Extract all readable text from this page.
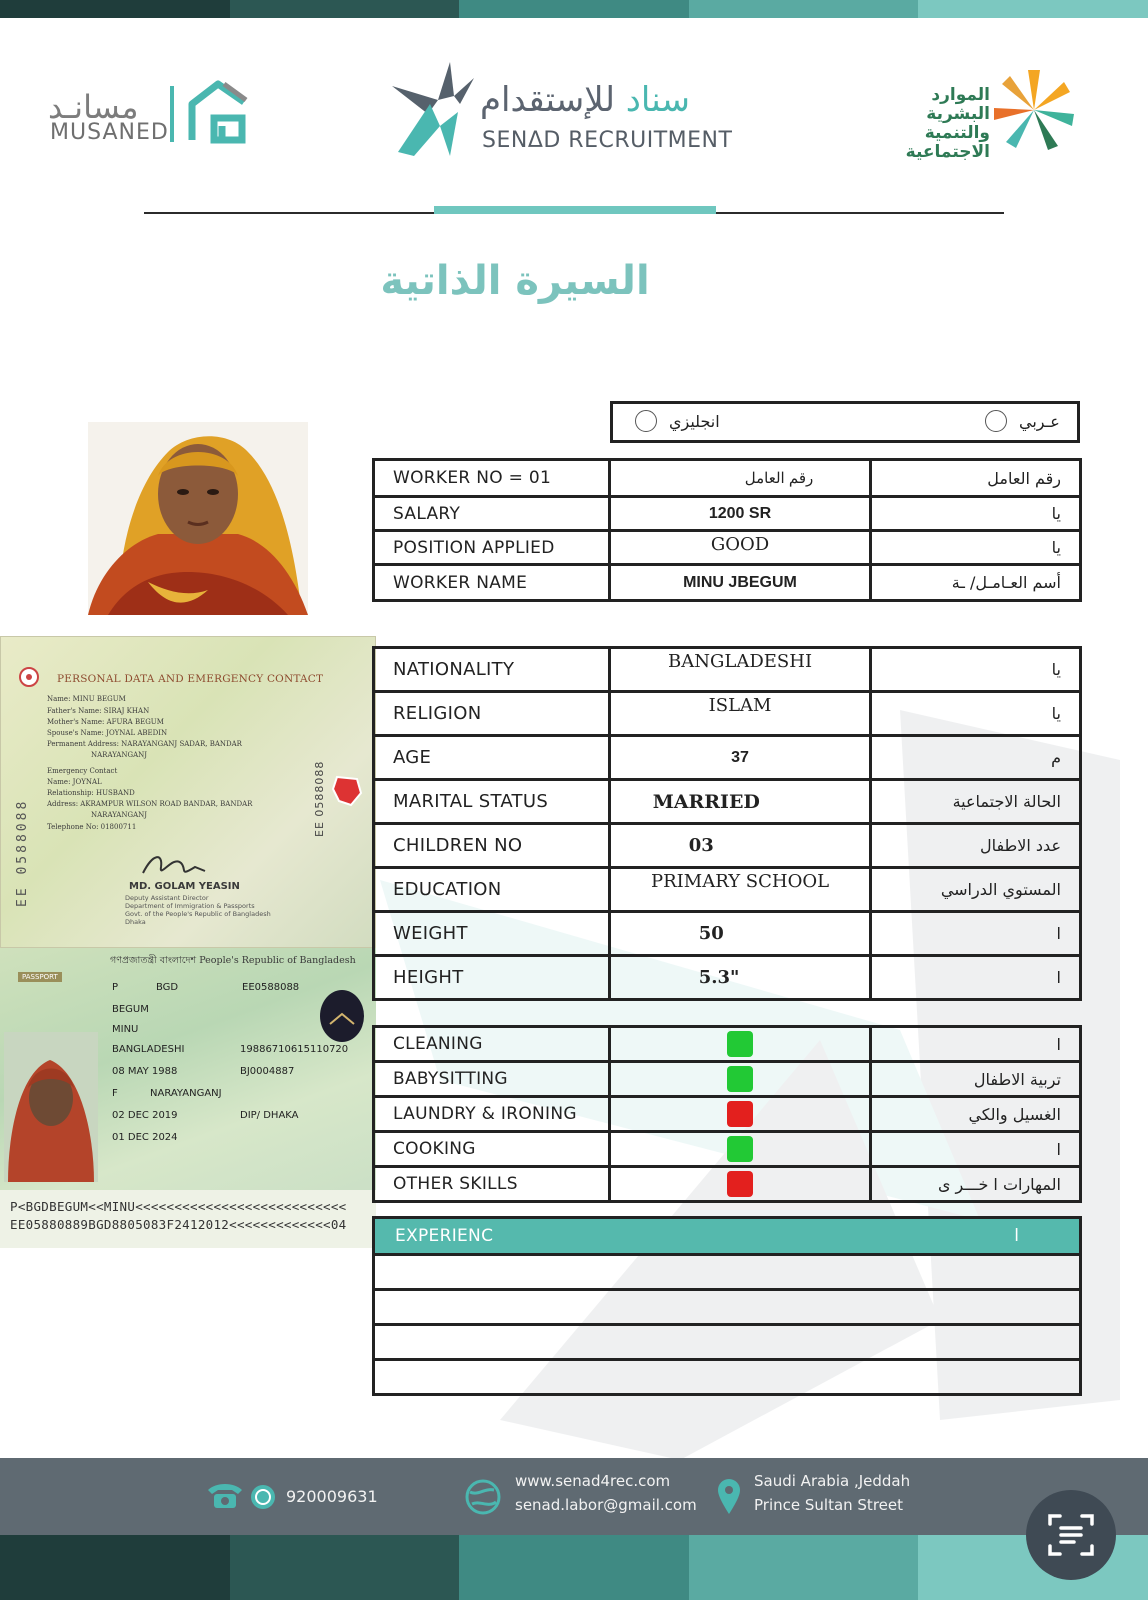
مسانـد
MUSANED
سناد للإستقدام
SENΔD RECRUITMENT
الموارد البشرية
والتنمية الاجتماعية
السيرة الذاتية
انجليزي	عـربي
PERSONAL DATA AND EMERGENCY CONTACT
Name: MINU BEGUM
Father's Name: SIRAJ KHAN
Mother's Name: AFURA BEGUM
Spouse's Name: JOYNAL ABEDIN
Permanent Address: NARAYANGANJ SADAR, BANDAR
NARAYANGANJ
Emergency Contact
Name: JOYNAL
Relationship: HUSBAND
Address: AKRAMPUR WILSON ROAD BANDAR, BANDAR
NARAYANGANJ
Telephone No: 01800711
MD. GOLAM YEASIN
Deputy Assistant Director
Department of Immigration & Passports
Govt. of the People's Republic of Bangladesh
Dhaka
EE 0588088
EE 0588088
গণপ্রজাতন্ত্রী বাংলাদেশ People's Republic of Bangladesh
PASSPORT
P	BGD	EE0588088
BEGUM
MINU
BANGLADESHI	19886710615110720
08 MAY 1988	BJ0004887
F	NARAYANGANJ
02 DEC 2019	DIP/ DHAKA
01 DEC 2024
P<BGDBEGUM<<MINU<<<<<<<<<<<<<<<<<<<<<<<<<<<
EE05880889BGD8805083F2412012<<<<<<<<<<<<<04
WORKER NO = 01	رقم العامل	رقم العامل
SALARY	1200 SR	يا
POSITION APPLIED	GOOD	يا
WORKER NAME	MINU JBEGUM	أسم العـامـل/ ـة
NATIONALITY	BANGLADESHI	يا
RELIGION	ISLAM	يا
AGE	37	م
MARITAL STATUS	MARRIED	الحالة الاجتماعية
CHILDREN NO	03	عدد الاطفال
EDUCATION	PRIMARY SCHOOL	المستوي الدراسي
WEIGHT	50	ا
HEIGHT	5.3"	ا
CLEANING		ا
BABYSITTING		تربية الاطفال
LAUNDRY & IRONING		الغسيل والكي
COOKING		ا
OTHER SKILLS		المهارات ا خـــر ى
EXPERIENC	ا
920009631
www.senad4rec.com
senad.labor@gmail.com
Saudi Arabia ,Jeddah
Prince Sultan Street
